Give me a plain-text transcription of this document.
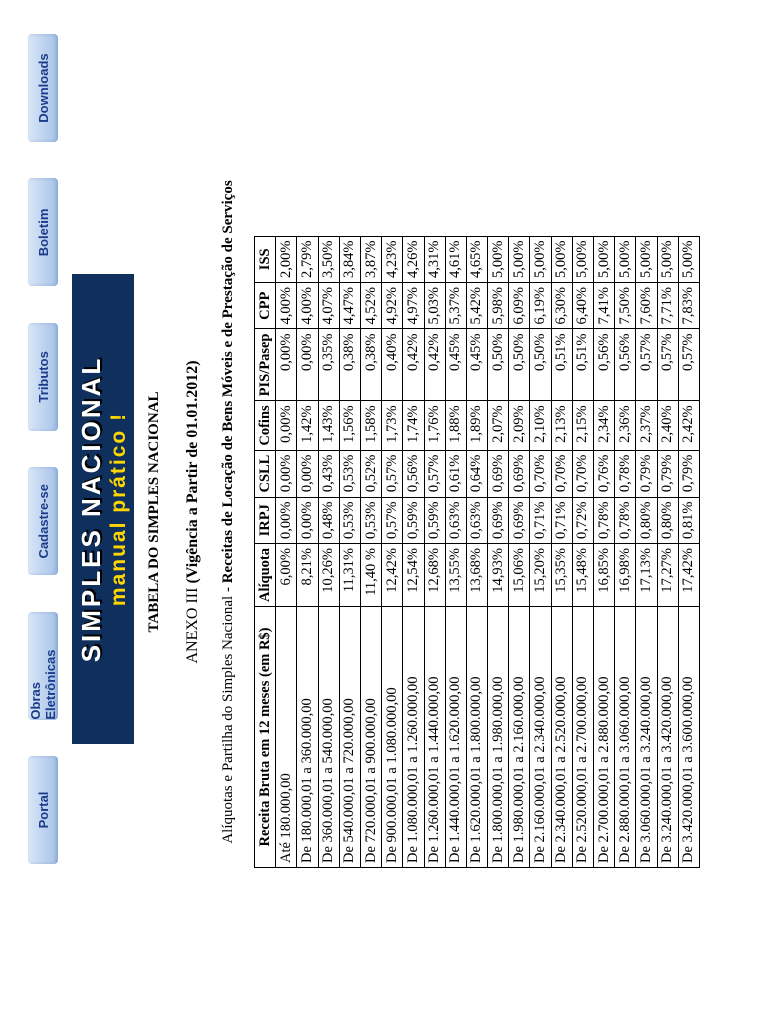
Portal
Obras Eletrônicas
Cadastre-se
Tributos
Boletim
Downloads
SIMPLES NACIONAL manual prático ! TABELA DO SIMPLES NACIONAL ANEXO III (Vigência a Partir de 01.01.2012)
Alíquotas e Partilha do Simples Nacional - Receitas de Locação de Bens Móveis e de Prestação de Serviços
Receita Bruta em 12 meses (em R$)	Alíquota	IRPJ	CSLL	Cofins	PIS/Pasep	CPP	ISS
Até 180.000,00	6,00%	0,00%	0,00%	0,00%	0,00%	4,00%	2,00%
De 180.000,01 a 360.000,00	8,21%	0,00%	0,00%	1,42%	0,00%	4,00%	2,79%
De 360.000,01 a 540.000,00	10,26%	0,48%	0,43%	1,43%	0,35%	4,07%	3,50%
De 540.000,01 a 720.000,00	11,31%	0,53%	0,53%	1,56%	0,38%	4,47%	3,84%
De 720.000,01 a 900.000,00	11,40 %	0,53%	0,52%	1,58%	0,38%	4,52%	3,87%
De 900.000,01 a 1.080.000,00	12,42%	0,57%	0,57%	1,73%	0,40%	4,92%	4,23%
De 1.080.000,01 a 1.260.000,00	12,54%	0,59%	0,56%	1,74%	0,42%	4,97%	4,26%
De 1.260.000,01 a 1.440.000,00	12,68%	0,59%	0,57%	1,76%	0,42%	5,03%	4,31%
De 1.440.000,01 a 1.620.000,00	13,55%	0,63%	0,61%	1,88%	0,45%	5,37%	4,61%
De 1.620.000,01 a 1.800.000,00	13,68%	0,63%	0,64%	1,89%	0,45%	5,42%	4,65%
De 1.800.000,01 a 1.980.000,00	14,93%	0,69%	0,69%	2,07%	0,50%	5,98%	5,00%
De 1.980.000,01 a 2.160.000,00	15,06%	0,69%	0,69%	2,09%	0,50%	6,09%	5,00%
De 2.160.000,01 a 2.340.000,00	15,20%	0,71%	0,70%	2,10%	0,50%	6,19%	5,00%
De 2.340.000,01 a 2.520.000,00	15,35%	0,71%	0,70%	2,13%	0,51%	6,30%	5,00%
De 2.520.000,01 a 2.700.000,00	15,48%	0,72%	0,70%	2,15%	0,51%	6,40%	5,00%
De 2.700.000,01 a 2.880.000,00	16,85%	0,78%	0,76%	2,34%	0,56%	7,41%	5,00%
De 2.880.000,01 a 3.060.000,00	16,98%	0,78%	0,78%	2,36%	0,56%	7,50%	5,00%
De 3.060.000,01 a 3.240.000,00	17,13%	0,80%	0,79%	2,37%	0,57%	7,60%	5,00%
De 3.240.000,01 a 3.420.000,00	17,27%	0,80%	0,79%	2,40%	0,57%	7,71%	5,00%
De 3.420.000,01 a 3.600.000,00	17,42%	0,81%	0,79%	2,42%	0,57%	7,83%	5,00%
